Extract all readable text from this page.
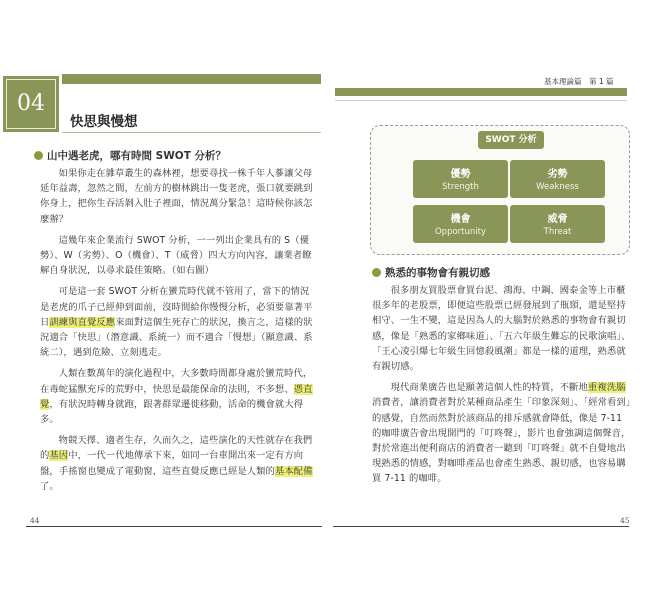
04
快思與慢想
山中遇老虎，哪有時間 SWOT 分析？

如果你走在雜草叢生的森林裡，想要尋找一株千年人蔘讓父母延年益壽，忽然之間，左前方的樹林跳出一隻老虎，張口就要跳到你身上，把你生吞活剝入肚子裡面，情況萬分緊急！這時候你該怎麼辦？

這幾年來企業流行 SWOT 分析，一一列出企業具有的 S（優勢）、W（劣勢）、O（機會）、T（威脅）四大方向內容，讓業者瞭解自身狀況，以尋求最佳策略。（如右圖）

可是這一套 SWOT 分析在蠻荒時代就不管用了，當下的情況是老虎的爪子已經伸到面前，沒時間給你慢慢分析，必須要靠著平日訓練與直覺反應來面對這個生死存亡的狀況，換言之，這樣的狀況適合「快思」（潛意識、系統一）而不適合「慢想」（顯意識、系統二），遇到危險、立刻逃走。

人類在數萬年的演化過程中，大多數時間都身處於蠻荒時代，在毒蛇猛獸充斥的荒野中，快思是最能保命的法則，不多想、憑直覺，有狀況時轉身就跑，跟著群眾遷徙移動，活命的機會就大得多。

物競天擇、適者生存，久而久之，這些演化的天性就存在我們的基因中，一代一代地傳承下來，如同一台車開出來一定有方向盤，手搖窗也變成了電動窗，這些直覺反應已經是人類的基本配備了。

44
基本理論篇　第 1 篇
SWOT 分析
優勢
Strength
劣勢
Weakness
機會
Opportunity
威脅
Threat
熟悉的事物會有親切感

很多朋友買股票會買台泥、鴻海、中鋼、國泰金等上市櫃很多年的老股票，即便這些股票已經發展到了瓶頸，還是堅持相守、一生不變，這是因為人的大腦對於熟悉的事物會有親切感，像是「熟悉的家鄉味道」、「五六年級生難忘的民歌演唱」、「王心凌引爆七年級生回憶殺風潮」都是一樣的道理，熟悉就有親切感。

現代商業廣告也是顯著這個人性的特質，不斷地重複洗腦消費者，讓消費者對於某種商品產生「印象深刻」、「經常看到」的感覺，自然而然對於該商品的排斥感就會降低，像是 7-11 的咖啡廣告會出現開門的「叮咚聲」，影片也會強調這個聲音，對於常進出便利商店的消費者一聽到「叮咚聲」就不自覺地出現熟悉的情感，對咖啡產品也會產生熟悉、親切感，也容易購買 7-11 的咖啡。

45
